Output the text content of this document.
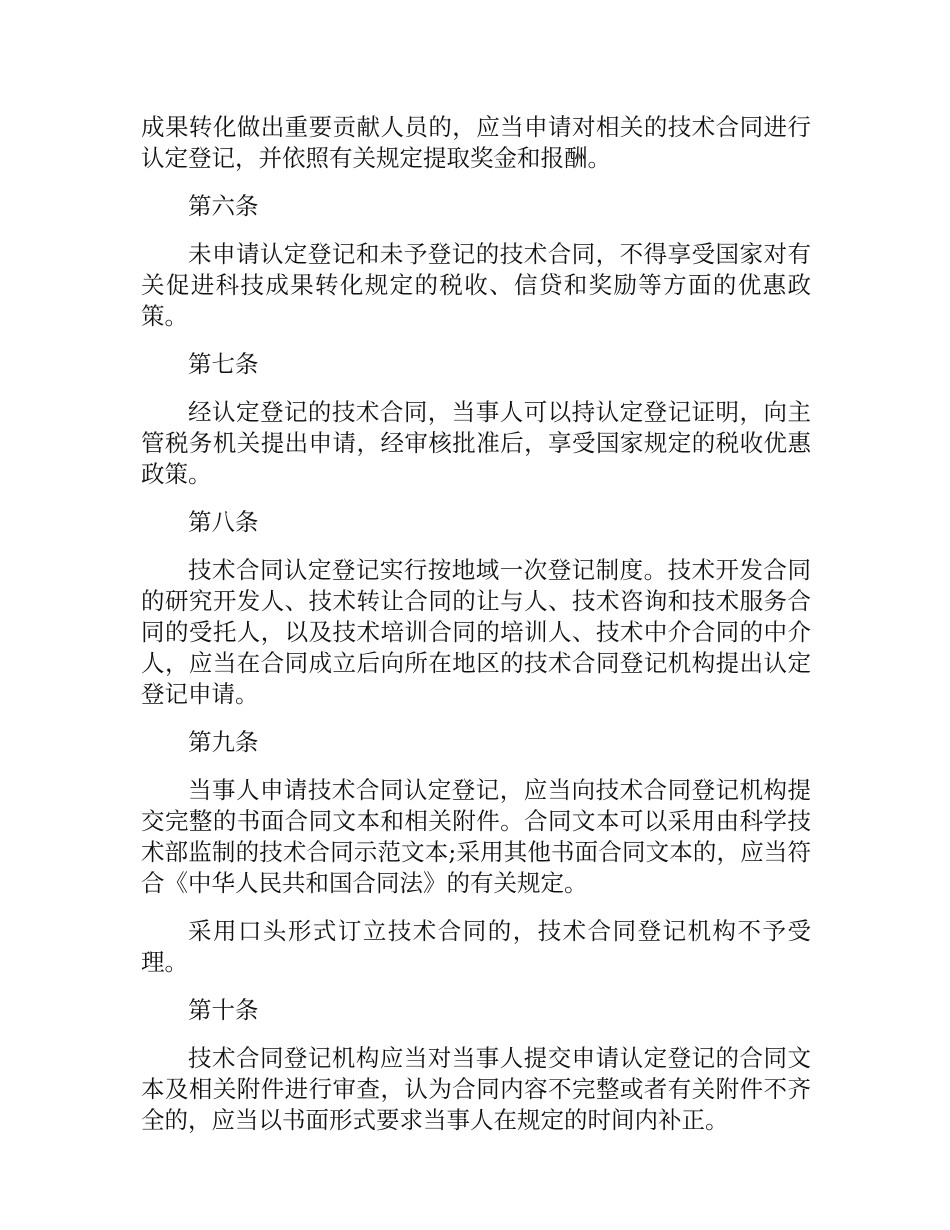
成果转化做出重要贡献人员的，应当申请对相关的技术合同进行认定登记，并依照有关规定提取奖金和报酬。

第六条

未申请认定登记和未予登记的技术合同，不得享受国家对有关促进科技成果转化规定的税收、信贷和奖励等方面的优惠政策。

第七条

经认定登记的技术合同，当事人可以持认定登记证明，向主管税务机关提出申请，经审核批准后，享受国家规定的税收优惠政策。

第八条

技术合同认定登记实行按地域一次登记制度。技术开发合同的研究开发人、技术转让合同的让与人、技术咨询和技术服务合同的受托人，以及技术培训合同的培训人、技术中介合同的中介人，应当在合同成立后向所在地区的技术合同登记机构提出认定登记申请。

第九条

当事人申请技术合同认定登记，应当向技术合同登记机构提交完整的书面合同文本和相关附件。合同文本可以采用由科学技术部监制的技术合同示范文本;采用其他书面合同文本的，应当符合《中华人民共和国合同法》的有关规定。

采用口头形式订立技术合同的，技术合同登记机构不予受理。

第十条

技术合同登记机构应当对当事人提交申请认定登记的合同文本及相关附件进行审查，认为合同内容不完整或者有关附件不齐全的，应当以书面形式要求当事人在规定的时间内补正。
